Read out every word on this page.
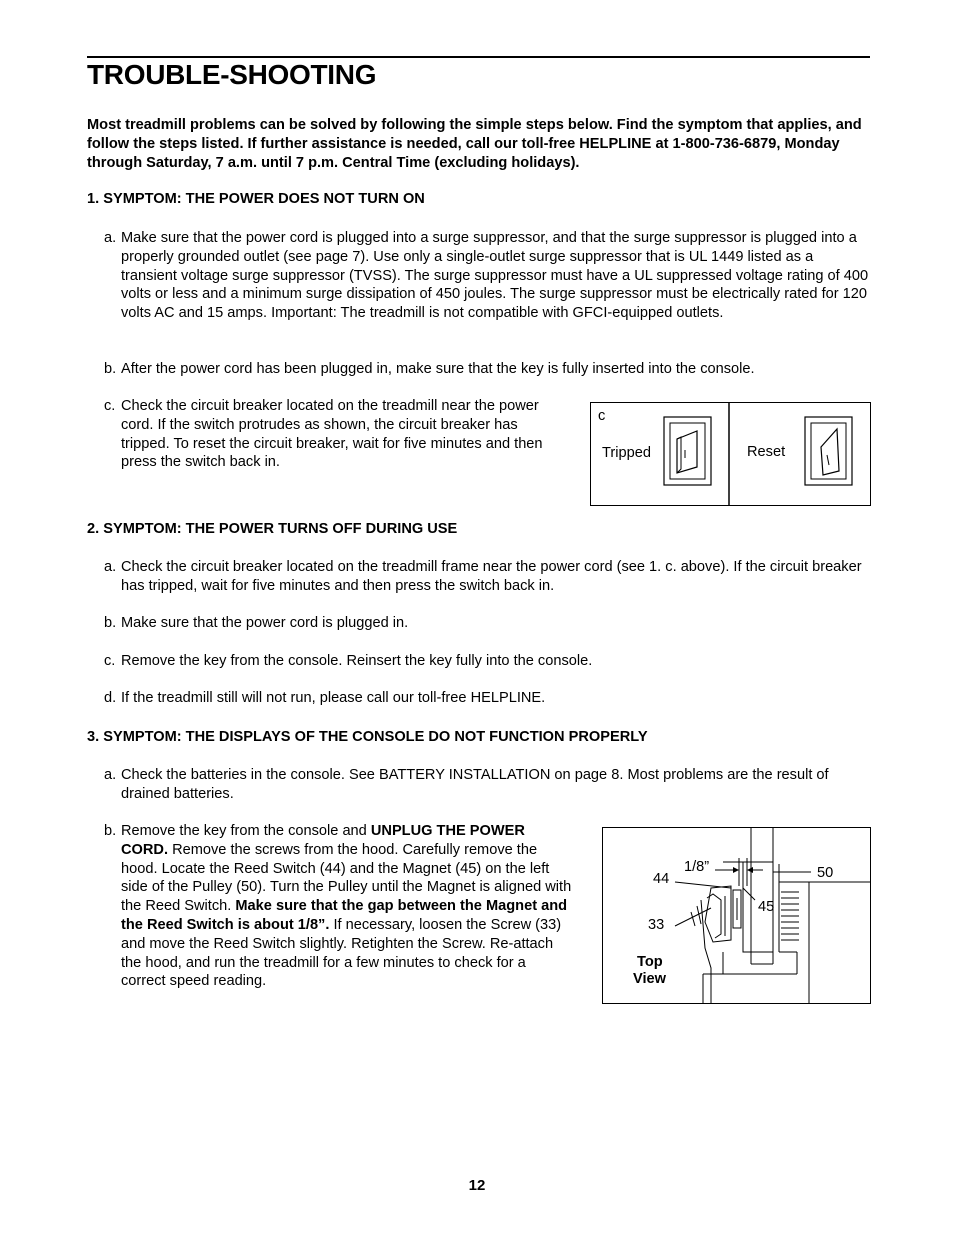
TROUBLE-SHOOTING

Most treadmill problems can be solved by following the simple steps below. Find the symptom that applies, and follow the steps listed. If further assistance is needed, call our toll-free HELPLINE at 1-800-736-6879, Monday through Saturday, 7 a.m. until 7 p.m. Central Time (excluding holidays).

1. SYMPTOM: THE POWER DOES NOT TURN ON

a. Make sure that the power cord is plugged into a surge suppressor, and that the surge suppressor is plugged into a properly grounded outlet (see page 7). Use only a single-outlet surge suppressor that is UL 1449 listed as a transient voltage surge suppressor (TVSS). The surge suppressor must have a UL suppressed voltage rating of 400 volts or less and a minimum surge dissipation of 450 joules. The surge suppressor must be electrically rated for 120 volts AC and 15 amps. Important: The treadmill is not compatible with GFCI-equipped outlets.
b. After the power cord has been plugged in, make sure that the key is fully inserted into the console.
c. Check the circuit breaker located on the treadmill near the power cord. If the switch protrudes as shown, the circuit breaker has tripped. To reset the circuit breaker, wait for five minutes and then press the switch back in.
c
Tripped	Reset

2. SYMPTOM: THE POWER TURNS OFF DURING USE

a. Check the circuit breaker located on the treadmill frame near the power cord (see 1. c. above). If the circuit breaker has tripped, wait for five minutes and then press the switch back in.
b. Make sure that the power cord is plugged in.
c. Remove the key from the console. Reinsert the key fully into the console.
d. If the treadmill still will not run, please call our toll-free HELPLINE.

3. SYMPTOM: THE DISPLAYS OF THE CONSOLE DO NOT FUNCTION PROPERLY

a. Check the batteries in the console. See BATTERY INSTALLATION on page 8. Most problems are the result of drained batteries.
b. Remove the key from the console and UNPLUG THE POWER CORD. Remove the screws from the hood. Carefully remove the hood. Locate the Reed Switch (44) and the Magnet (45) on the left side of the Pulley (50). Turn the Pulley until the Magnet is aligned with the Reed Switch. Make sure that the gap between the Magnet and the Reed Switch is about 1/8”. If necessary, loosen the Screw (33) and move the Reed Switch slightly. Retighten the Screw. Re-attach the hood, and run the treadmill for a few minutes to check for a correct speed reading.
1/8”
44
45
50
33
Top
View
12
